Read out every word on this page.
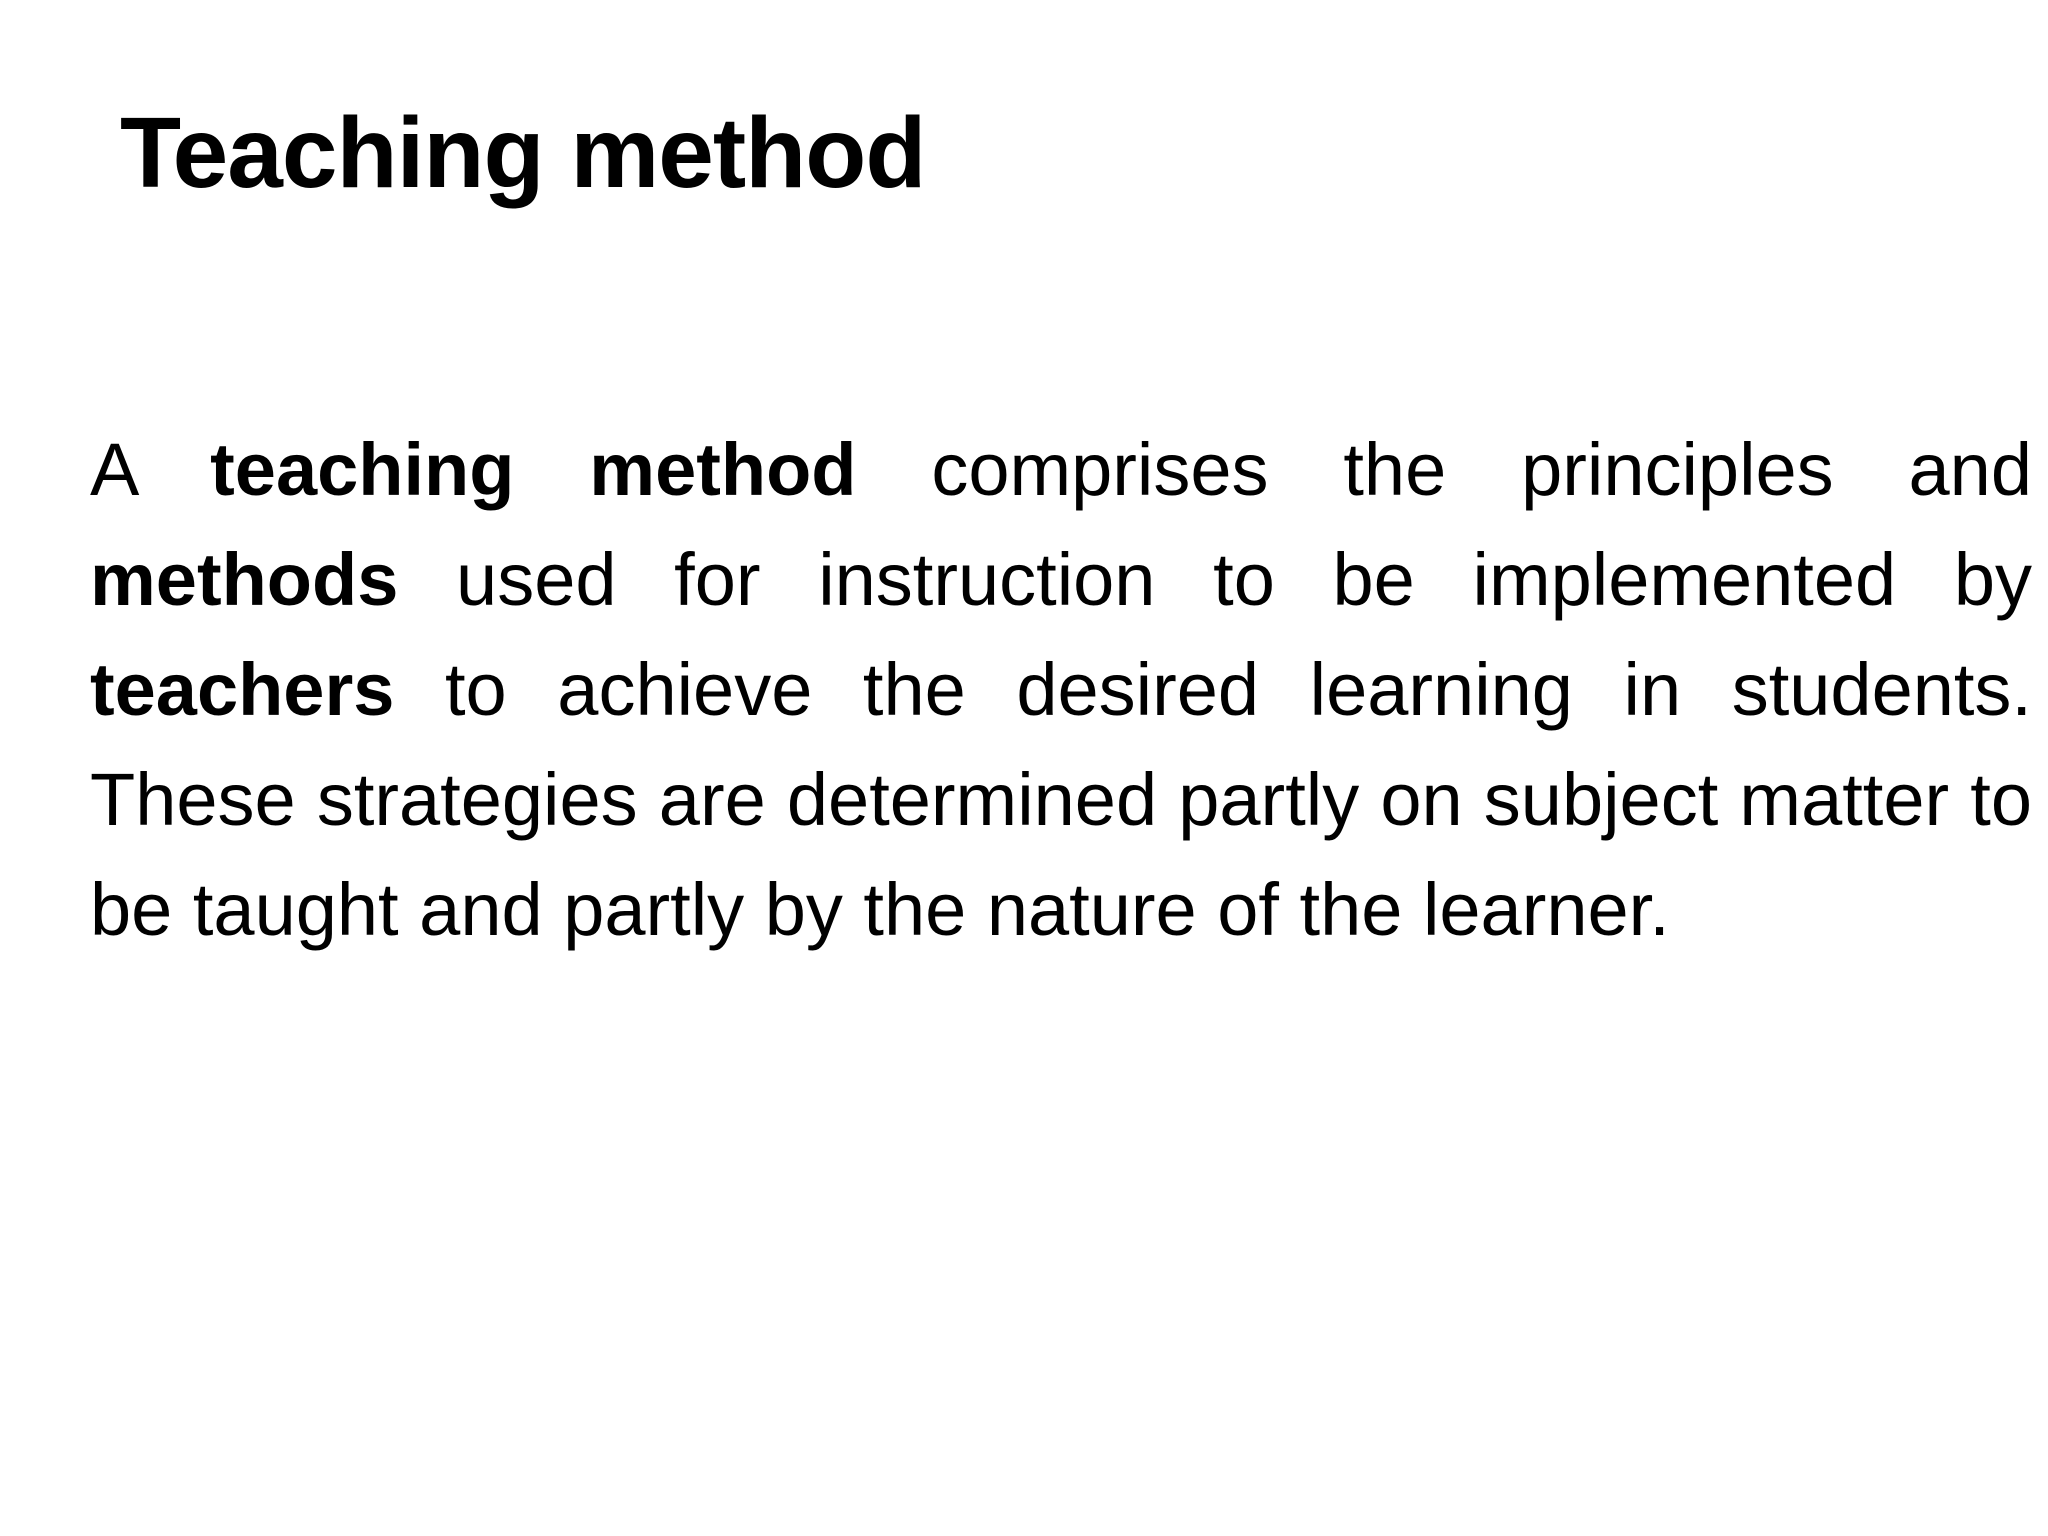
Teaching method

A teaching method comprises the principles and methods used for instruction to be implemented by teachers to achieve the desired learning in students. These strategies are determined partly on subject matter to be taught and partly by the nature of the learner.
